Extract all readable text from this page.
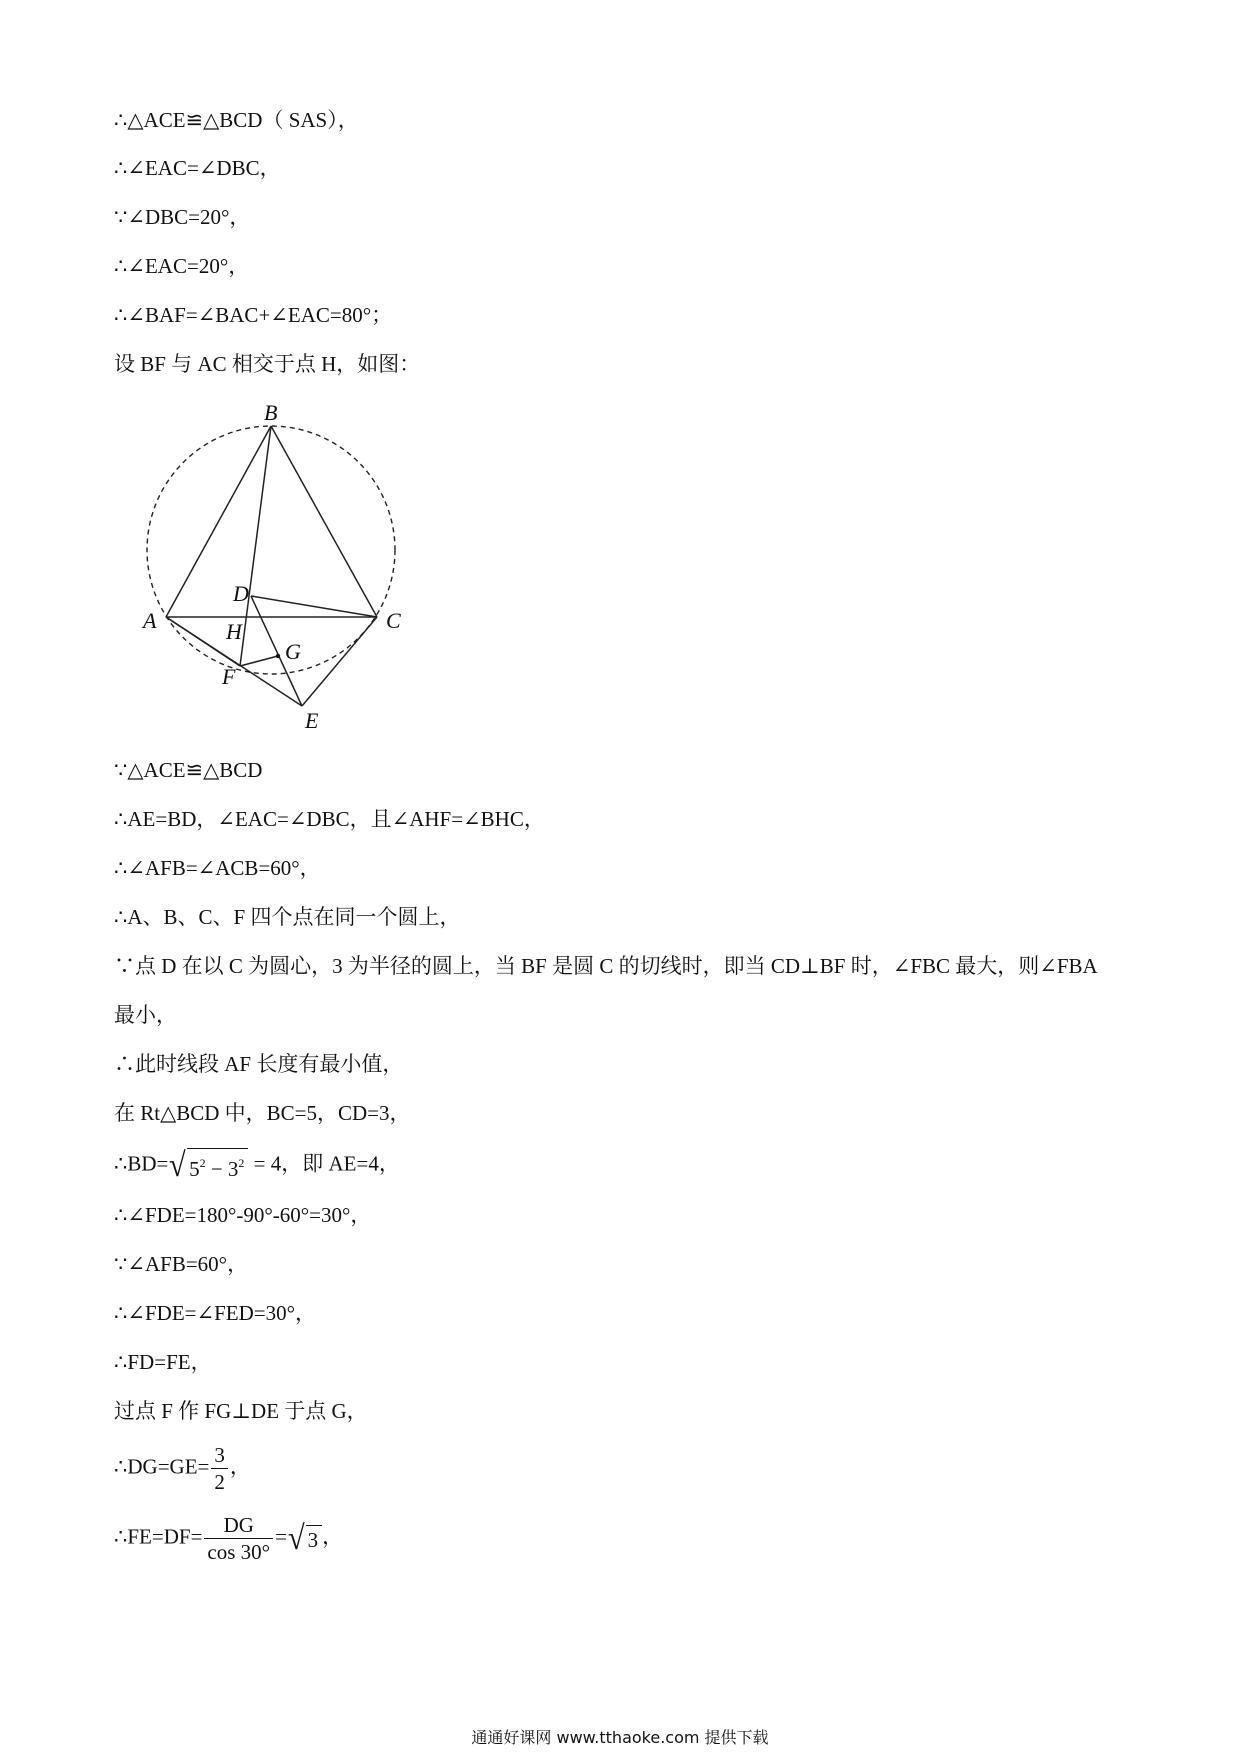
∴△ACE≌△BCD（ SAS），
∴∠EAC=∠DBC，
∵∠DBC=20°，
∴∠EAC=20°，
∴∠BAF=∠BAC+∠EAC=80°；
设 BF 与 AC 相交于点 H，如图：
B
D
A	C
H
G
F
E
∵△ACE≌△BCD
∴AE=BD，∠EAC=∠DBC，且∠AHF=∠BHC，
∴∠AFB=∠ACB=60°，
∴A、B、C、F 四个点在同一个圆上，
∵点 D 在以 C 为圆心，3 为半径的圆上，当 BF 是圆 C 的切线时，即当 CD⊥BF 时，∠FBC 最大，则∠FBA
最小，
∴此时线段 AF 长度有最小值，
在 Rt△BCD 中，BC=5，CD=3，
∴BD=√ $5^2 - 3^2 = 4$，即 AE=4，
∴∠FDE=180°-90°-60°=30°，
∵∠AFB=60°，
∴∠FDE=∠FED=30°，
∴FD=FE，
过点 F 作 FG⊥DE 于点 G，
∴DG=GE= $\frac{3}{2}$ ，
∴FE=DF= $\frac{DG}{\cos 30^\circ}$ =√ 3 ，
通通好课网 www.tthaoke.com 提供下载
